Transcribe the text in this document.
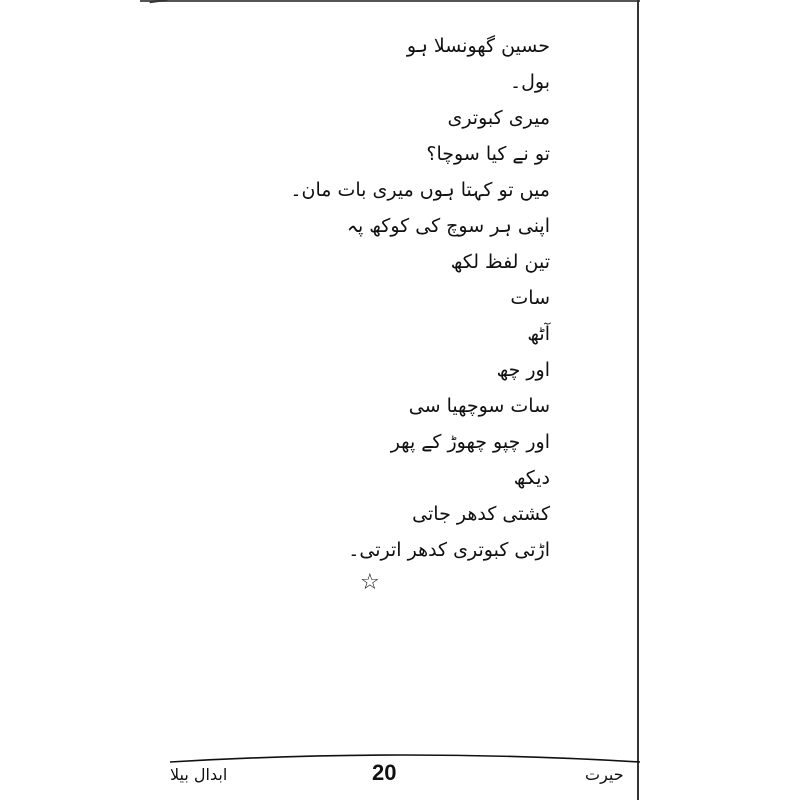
حسین گھونسلا ہو

بول۔

میری کبوتری

تو نے کیا سوچا؟

میں تو کہتا ہوں میری بات مان۔

اپنی ہر سوچ کی کوکھ پہ

تین لفظ لکھ

سات

آٹھ

اور چھ

سات سوچھیا سی

اور چپو چھوڑ کے پھر

دیکھ

کشتی کدھر جاتی

اڑتی کبوتری کدھر اترتی۔

☆
ابدال بیلا	20	حیرت
